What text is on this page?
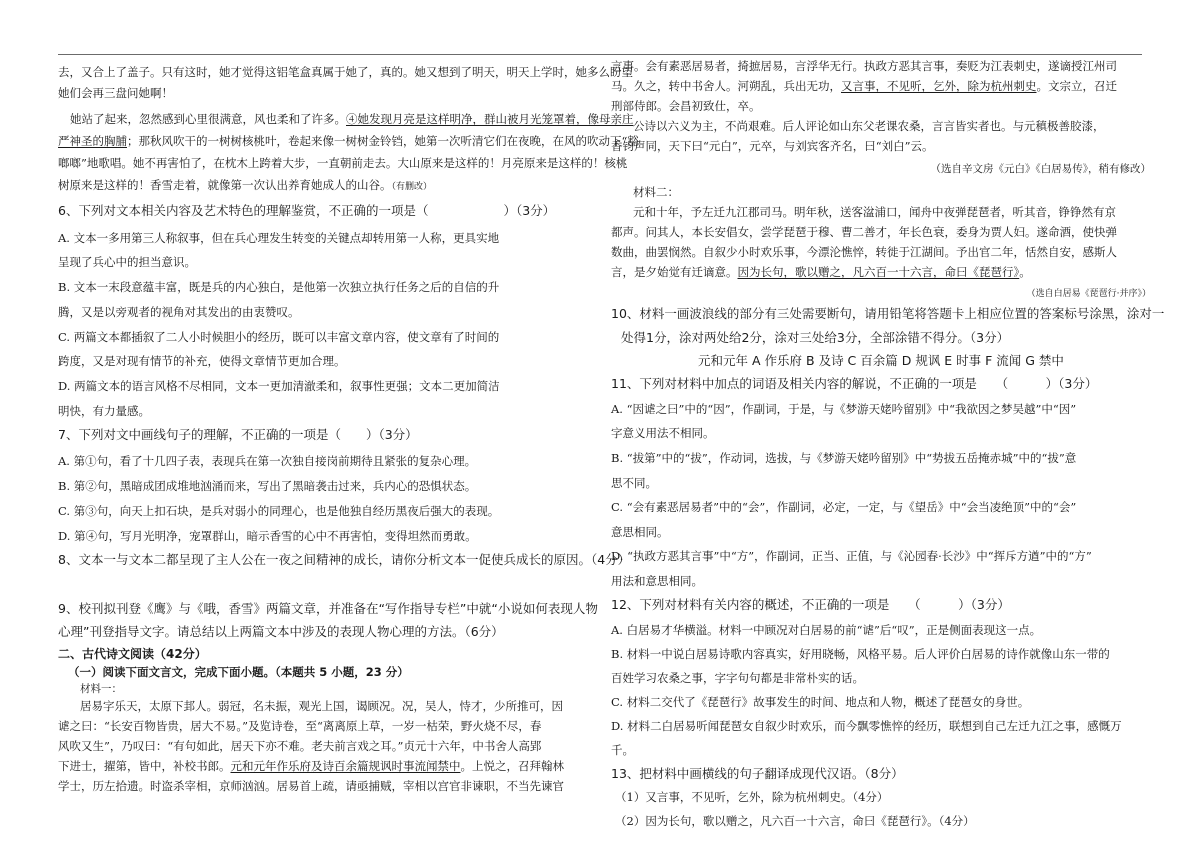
去，又合上了盖子。只有这时，她才觉得这铝笔盒真属于她了，真的。她又想到了明天，明天上学时，她多么盼望
她们会再三盘问她啊！
她站了起来，忽然感到心里很满意，风也柔和了许多。④她发现月亮是这样明净，群山被月光笼罩着，像母亲庄
严神圣的胸脯；那秋风吹干的一树树核桃叶，卷起来像一树树金铃铛，她第一次听清它们在夜晚，在风的吹动下“豁
啷啷”地歌唱。她不再害怕了，在枕木上跨着大步，一直朝前走去。大山原来是这样的！月亮原来是这样的！核桃
树原来是这样的！香雪走着，就像第一次认出养育她成人的山谷。（有删改）
6、下列对文本相关内容及艺术特色的理解鉴赏，不正确的一项是（　　　　　　）（3分）
A. 文本一多用第三人称叙事，但在兵心理发生转变的关键点却转用第一人称，更具实地
呈现了兵心中的担当意识。
B. 文本一末段意蕴丰富，既是兵的内心独白，是他第一次独立执行任务之后的自信的升
腾，又是以旁观者的视角对其发出的由衷赞叹。
C. 两篇文本都插叙了二人小时候胆小的经历，既可以丰富文章内容，使文章有了时间的
跨度，又是对现有情节的补充，使得文章情节更加合理。
D. 两篇文本的语言风格不尽相同，文本一更加清澈柔和，叙事性更强；文本二更加简洁
明快，有力量感。
7、下列对文中画线句子的理解，不正确的一项是（　　）（3分）
A. 第①句，看了十几四子表，表现兵在第一次独自接岗前期待且紧张的复杂心理。
B. 第②句，黑暗成团成堆地汹涌而来，写出了黑暗袭击过来，兵内心的恐惧状态。
C. 第③句，向天上扣石块，是兵对弱小的同理心，也是他独自经历黑夜后强大的表现。
D. 第④句，写月光明净，宠罩群山，暗示香雪的心中不再害怕，变得坦然而勇敢。
8、文本一与文本二都呈现了主人公在一夜之间精神的成长，请你分析文本一促使兵成长的原因。（4分）
9、校刊拟刊登《鹰》与《哦，香雪》两篇文章，并准备在“写作指导专栏”中就“小说如何表现人物
心理”刊登指导文字。请总结以上两篇文本中涉及的表现人物心理的方法。（6分）
二、古代诗文阅读（42分）
（一）阅读下面文言文，完成下面小题。（本题共 5 小题，23 分）
材料一：
居易字乐天，太原下邽人。弱冠，名未振，观光上国，谒顾况。况，吴人，恃才，少所推可，因
谑之曰：“长安百物皆贵，居大不易。”及览诗卷，至“离离原上草，一岁一枯荣，野火烧不尽，春
风吹又生”，乃叹曰：“有句如此，居天下亦不难。老夫前言戏之耳。”贞元十六年，中书舍人高郢
下进士，擢第，皆中，补校书郎。元和元年作乐府及诗百余篇规讽时事流闻禁中。上悦之，召拜翰林
学士，历左拾遗。时盗杀宰相，京师汹汹。居易首上疏，请亟捕贼，宰相以宫官非谏职，不当先谏官
言事。会有素恶居易者，掎摭居易，言浮华无行。执政方恶其言事，奏贬为江表刺史，遂谪授江州司
马。久之，转中书舍人。河朔乱，兵出无功，又言事，不见听，乞外，除为杭州刺史。文宗立，召迁
刑部侍郎。会昌初致仕，卒。
公诗以六义为主，不尚艰难。后人评论如山东父老课农桑，言言皆实者也。与元稹极善胶漆，
香钧声同，天下曰“元白”，元卒，与刘宾客齐名，曰“刘白”云。
（选自辛文房《元白》《白居易传》，稍有修改）
材料二：
元和十年，予左迁九江郡司马。明年秋，送客湓浦口，闻舟中夜弹琵琶者，听其音，铮铮然有京
都声。问其人，本长安倡女，尝学琵琶于穆、曹二善才，年长色衰，委身为贾人妇。遂命酒，使快弹
数曲，曲罢悯然。自叙少小时欢乐事，今漂沦憔悴，转徙于江湖间。予出官二年，恬然自安，感斯人
言，是夕始觉有迁谪意。因为长句，歌以赠之，凡六百一十六言，命曰《琵琶行》。
（选自白居易《琵琶行·并序》）
10、材料一画波浪线的部分有三处需要断句，请用铅笔将答题卡上相应位置的答案标号涂黑，涂对一
处得1分，涂对两处给2分，涂对三处给3分，全部涂错不得分。（3分）
元和元年 A 作乐府 B 及诗 C 百余篇 D 规讽 E 时事 F 流闻 G 禁中
11、下列对材料中加点的词语及相关内容的解说，不正确的一项是　　（　　　）（3分）
A. “因谑之曰”中的“因”，作副词，于是，与《梦游天姥吟留别》中“我欲因之梦吴越”中“因”
字意义用法不相同。
B. “拔第”中的“拔”，作动词，选拔，与《梦游天姥吟留别》中“势拔五岳掩赤城”中的“拔”意
思不同。
C. “会有素恶居易者”中的“会”，作副词，必定，一定，与《望岳》中“会当凌绝顶”中的“会”
意思相同。
D. “执政方恶其言事”中“方”，作副词，正当、正值，与《沁园春·长沙》中“挥斥方遒”中的“方”
用法和意思相同。
12、下列对材料有关内容的概述，不正确的一项是　　（　　　）（3分）
A. 白居易才华横溢。材料一中顾况对白居易的前“谑”后“叹”，正是侧面表现这一点。
B. 材料一中说白居易诗歌内容真实，好用晓畅，风格平易。后人评价白居易的诗作就像山东一带的
百姓学习农桑之事，字字句句都是非常朴实的话。
C. 材料二交代了《琵琶行》故事发生的时间、地点和人物，概述了琵琶女的身世。
D. 材料二白居易听闻琵琶女自叙少时欢乐，而今飘零憔悴的经历，联想到自己左迁九江之事，感慨万
千。
13、把材料中画横线的句子翻译成现代汉语。（8分）
（1）又言事，不见听，乞外，除为杭州刺史。（4分）
（2）因为长句，歌以赠之，凡六百一十六言，命曰《琵琶行》。（4分）
